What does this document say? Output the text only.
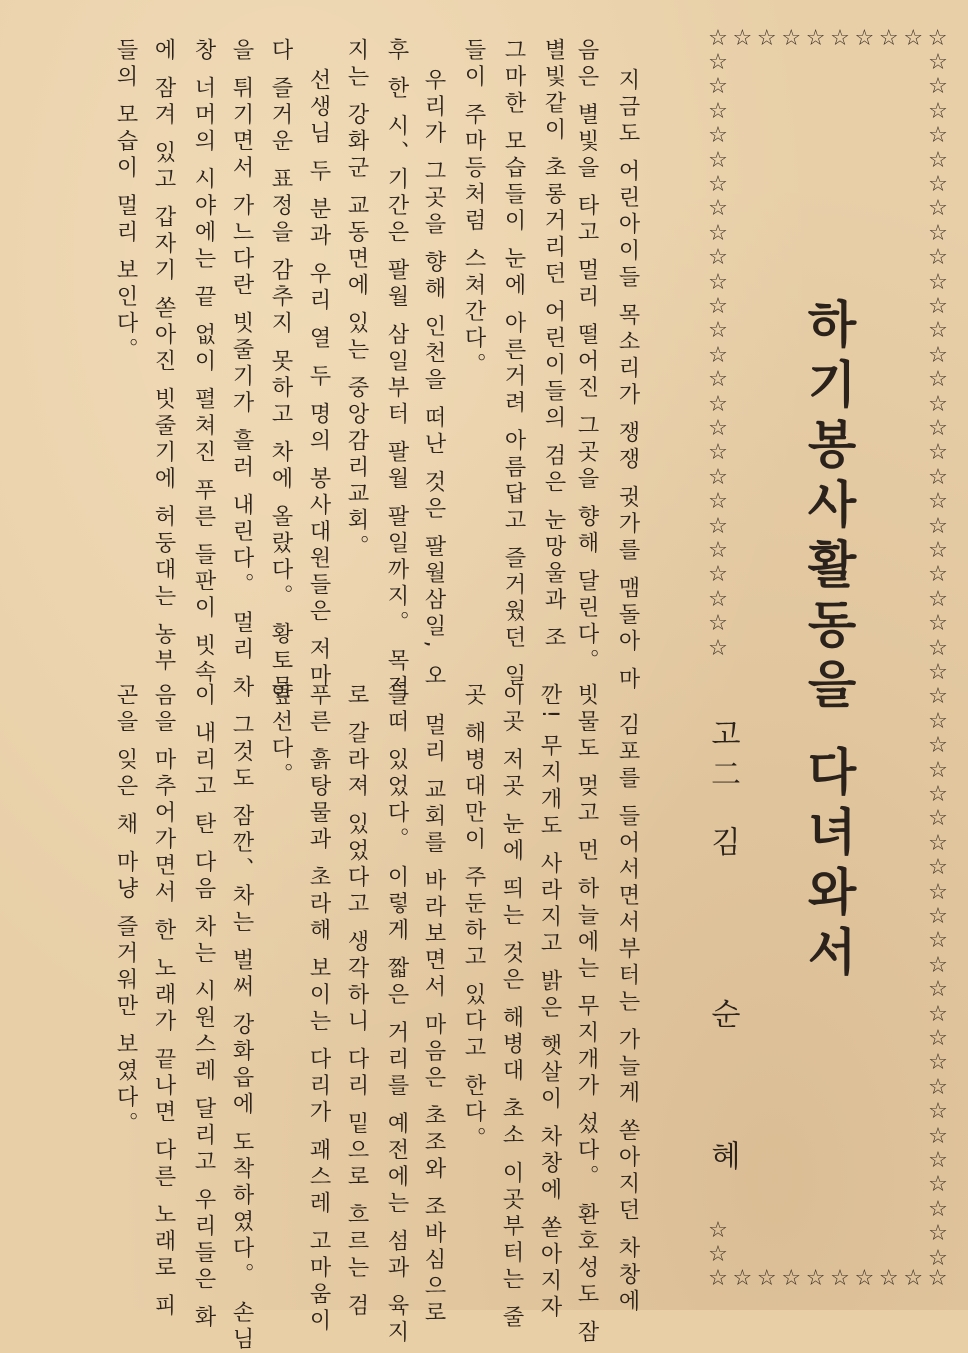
☆ ☆ ☆ ☆ ☆ ☆ ☆ ☆ ☆ ☆
☆ ☆ ☆ ☆ ☆ ☆ ☆ ☆ ☆ ☆
☆
☆
☆
☆
☆
☆
☆
☆
☆
☆
☆
☆
☆
☆
☆
☆
☆
☆
☆
☆
☆
☆
☆
☆
☆
☆
☆
☆
☆
☆
☆
☆
☆
☆
☆
☆
☆
☆
☆
☆
☆
☆
☆
☆
☆
☆
☆
☆
☆
☆
☆
☆
☆
☆
☆
☆
☆
☆
☆
☆
☆
☆
☆
☆
☆
☆
☆
☆
☆
☆
☆
☆
☆
☆
☆
☆
☆
하기봉사활동을 다녀와서
고二
김
순
혜
지금도 어린아이들 목소리가 쟁쟁 귓가를 맴돌아 마
음은 별빛을 타고 멀리 떨어진 그곳을 향해 달린다。
별빛같이 초롱거리던 어린이들의 검은 눈망울과 조
그마한 모습들이 눈에 아른거려 아름답고 즐거웠던 일
들이 주마등처럼 스쳐간다。
우리가 그곳을 향해 인천을 떠난 것은 팔월삼일, 오
후 한 시、기간은 팔월 삼일부터 팔월 팔일까지。 목적
지는 강화군 교동면에 있는 중앙감리교회。
선생님 두 분과 우리 열 두 명의 봉사대원들은 저마
다 즐거운 표정을 감추지 못하고 차에 올랐다。 황토물
을 튀기면서 가느다란 빗줄기가 흘러 내린다。 멀리 차
창 너머의 시야에는 끝 없이 펼쳐진 푸른 들판이 빗속
에 잠겨 있고 갑자기 쏟아진 빗줄기에 허둥대는 농부
들의 모습이 멀리 보인다。
김포를 들어서면서부터는 가늘게 쏟아지던 차창에
빗물도 멎고 먼 하늘에는 무지개가 섰다。 환호성도 잠
깐! 무지개도 사라지고 밝은 햇살이 차창에 쏟아지자
이곳 저곳 눈에 띄는 것은 해병대 초소 이곳부터는 줄
곳 해병대만이 주둔하고 있다고 한다。
멀리 교회를 바라보면서 마음은 초조와 조바심으로
들떠 있었다。 이렇게 짧은 거리를 예전에는 섬과 육지
로 갈라져 있었다고 생각하니 다리 밑으로 흐르는 검
푸른 흙탕물과 초라해 보이는 다리가 괘스레 고마움이
앞선다。
그것도 잠깐、차는 벌써 강화읍에 도착하였다。 손님
이 내리고 탄 다음 차는 시원스레 달리고 우리들은 화
음을 마추어가면서 한 노래가 끝나면 다른 노래로 피
곤을 잊은 채 마냥 즐거워만 보였다。
